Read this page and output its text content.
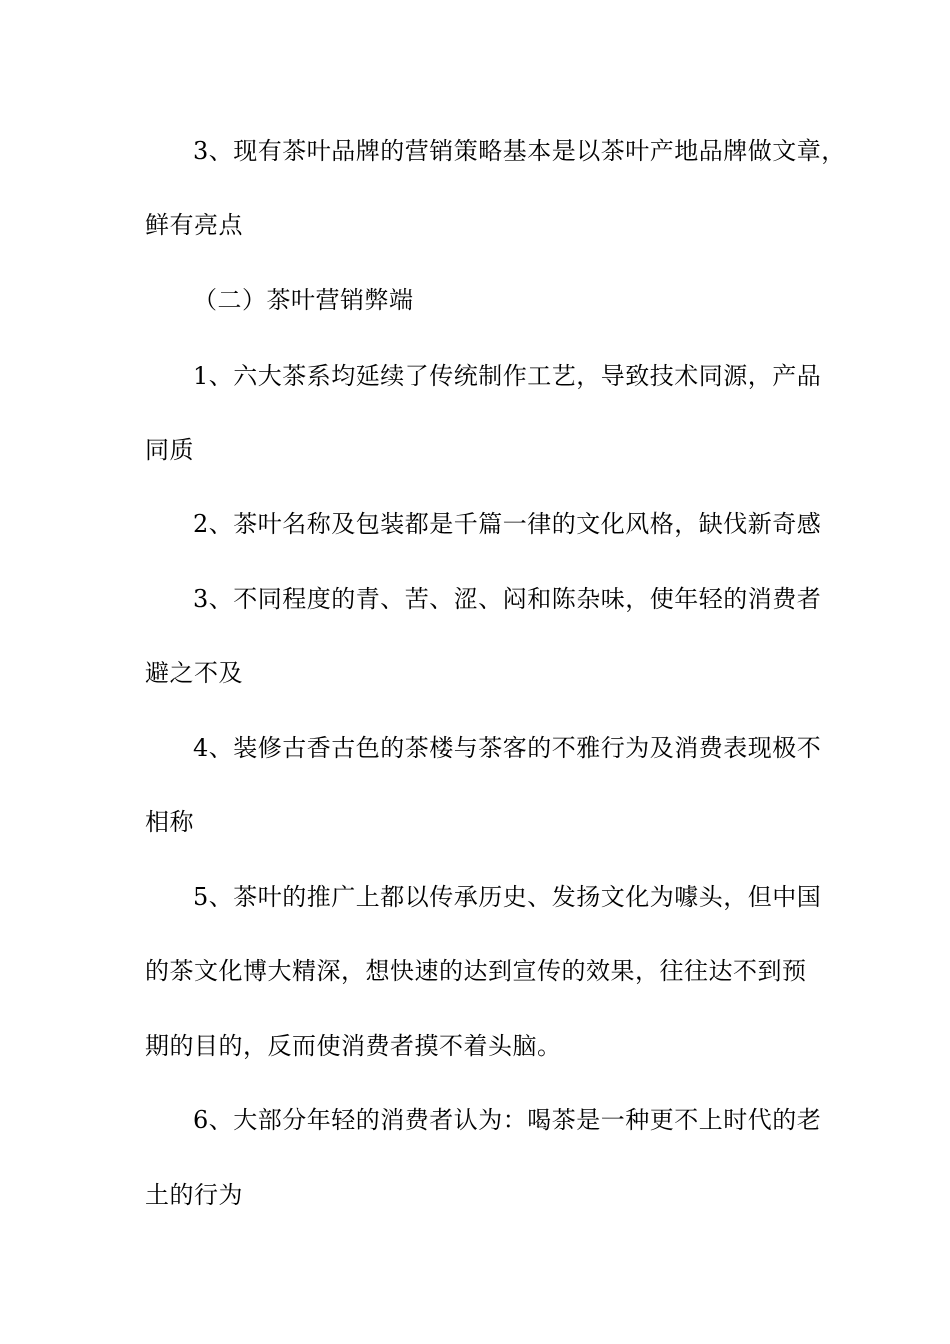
3、现有茶叶品牌的营销策略基本是以茶叶产地品牌做文章，
鲜有亮点
（二）茶叶营销弊端
1、六大茶系均延续了传统制作工艺，导致技术同源，产品
同质
2、茶叶名称及包装都是千篇一律的文化风格，缺伐新奇感
3、不同程度的青、苦、涩、闷和陈杂味，使年轻的消费者
避之不及
4、装修古香古色的茶楼与茶客的不雅行为及消费表现极不
相称
5、茶叶的推广上都以传承历史、发扬文化为噱头，但中国
的茶文化博大精深，想快速的达到宣传的效果，往往达不到预
期的目的，反而使消费者摸不着头脑。
6、大部分年轻的消费者认为：喝茶是一种更不上时代的老
土的行为
